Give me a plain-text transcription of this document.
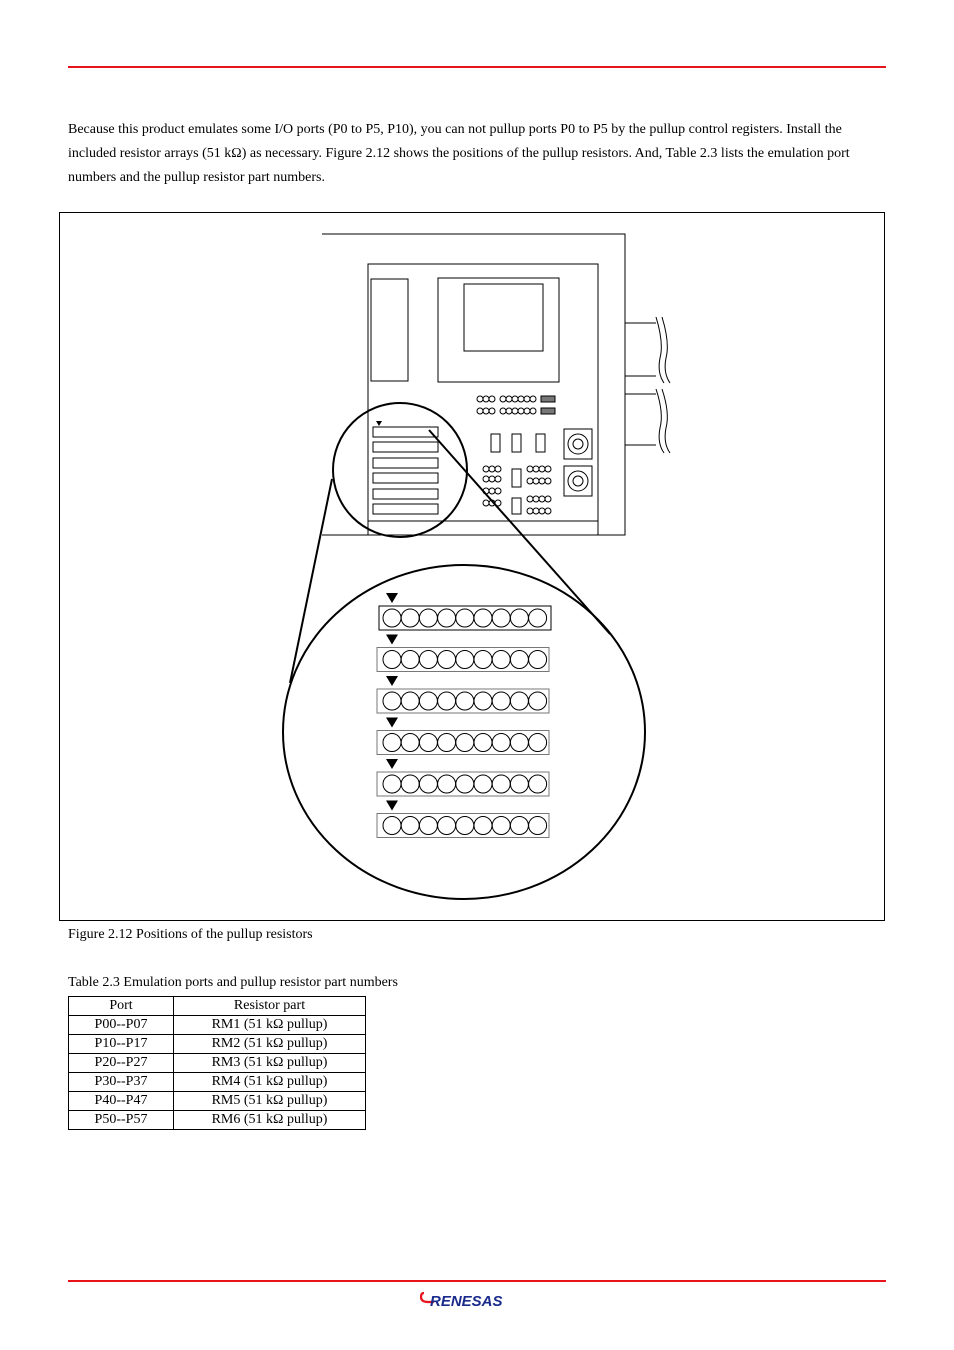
Because this product emulates some I/O ports (P0 to P5, P10), you can not pullup ports P0 to P5 by the pullup control registers. Install the included resistor arrays (51 kΩ) as necessary. Figure 2.12 shows the positions of the pullup resistors. And, Table 2.3 lists the emulation port numbers and the pullup resistor part numbers.

Figure 2.12 Positions of the pullup resistors
Table 2.3 Emulation ports and pullup resistor part numbers
Port	Resistor part
P00--P07	RM1 (51 kΩ pullup)
P10--P17	RM2 (51 kΩ pullup)
P20--P27	RM3 (51 kΩ pullup)
P30--P37	RM4 (51 kΩ pullup)
P40--P47	RM5 (51 kΩ pullup)
P50--P57	RM6 (51 kΩ pullup)
RENESAS
